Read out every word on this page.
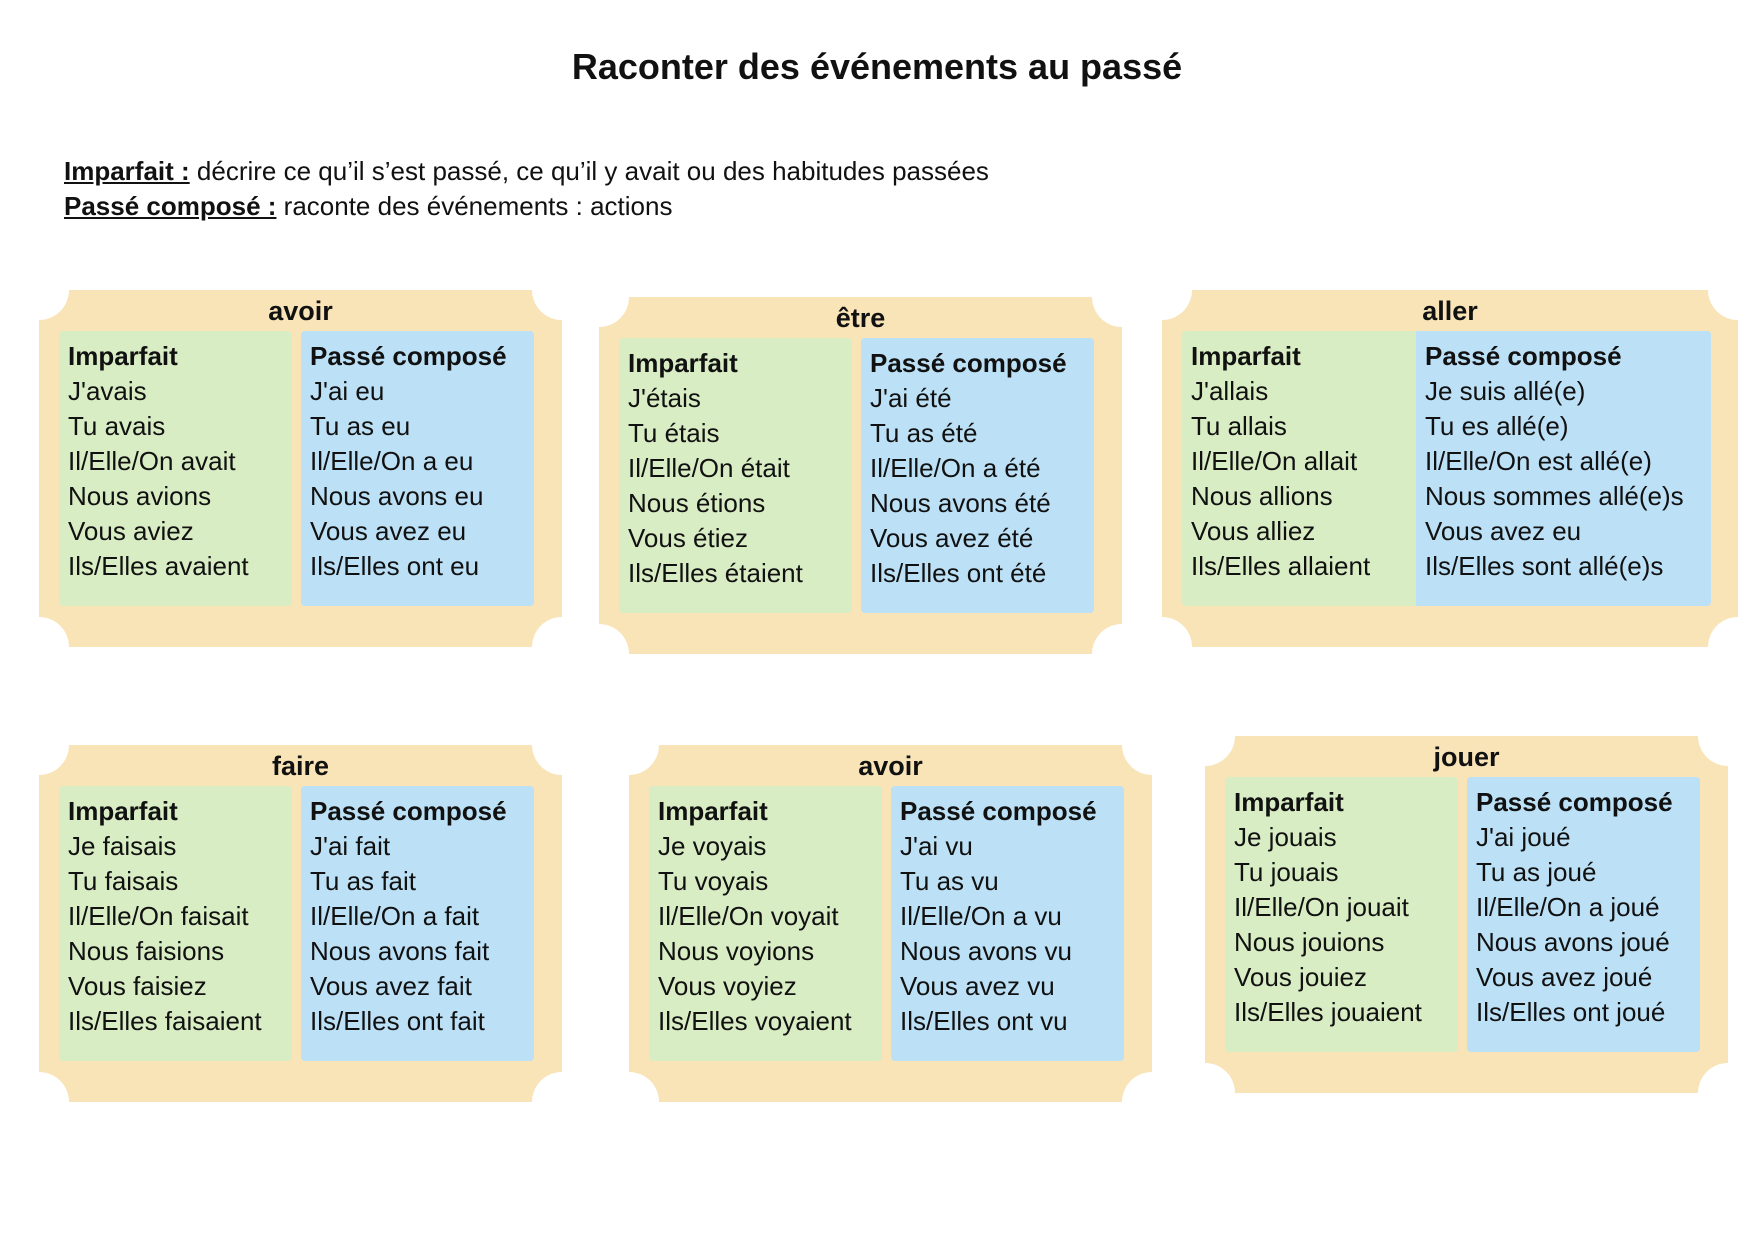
Raconter des événements au passé
Imparfait : décrire ce qu’il s’est passé, ce qu’il y avait ou des habitudes passées
Passé composé : raconte des événements : actions
avoir
Imparfait
J'avais
Tu avais
Il/Elle/On avait
Nous avions
Vous aviez
Ils/Elles avaient
Passé composé
J'ai eu
Tu as eu
Il/Elle/On a eu
Nous avons eu
Vous avez eu
Ils/Elles ont eu
être
Imparfait
J'étais
Tu étais
Il/Elle/On était
Nous étions
Vous étiez
Ils/Elles étaient
Passé composé
J'ai été
Tu as été
Il/Elle/On a été
Nous avons été
Vous avez été
Ils/Elles ont été
aller
Imparfait
J'allais
Tu allais
Il/Elle/On allait
Nous allions
Vous alliez
Ils/Elles allaient
Passé composé
Je suis allé(e)
Tu es allé(e)
Il/Elle/On est allé(e)
Nous sommes allé(e)s
Vous avez eu
Ils/Elles sont allé(e)s
faire
Imparfait
Je faisais
Tu faisais
Il/Elle/On faisait
Nous faisions
Vous faisiez
Ils/Elles faisaient
Passé composé
J'ai fait
Tu as fait
Il/Elle/On a fait
Nous avons fait
Vous avez fait
Ils/Elles ont fait
avoir
Imparfait
Je voyais
Tu voyais
Il/Elle/On voyait
Nous voyions
Vous voyiez
Ils/Elles voyaient
Passé composé
J'ai vu
Tu as vu
Il/Elle/On a vu
Nous avons vu
Vous avez vu
Ils/Elles ont vu
jouer
Imparfait
Je jouais
Tu jouais
Il/Elle/On jouait
Nous jouions
Vous jouiez
Ils/Elles jouaient
Passé composé
J'ai joué
Tu as joué
Il/Elle/On a joué
Nous avons joué
Vous avez joué
Ils/Elles ont joué
